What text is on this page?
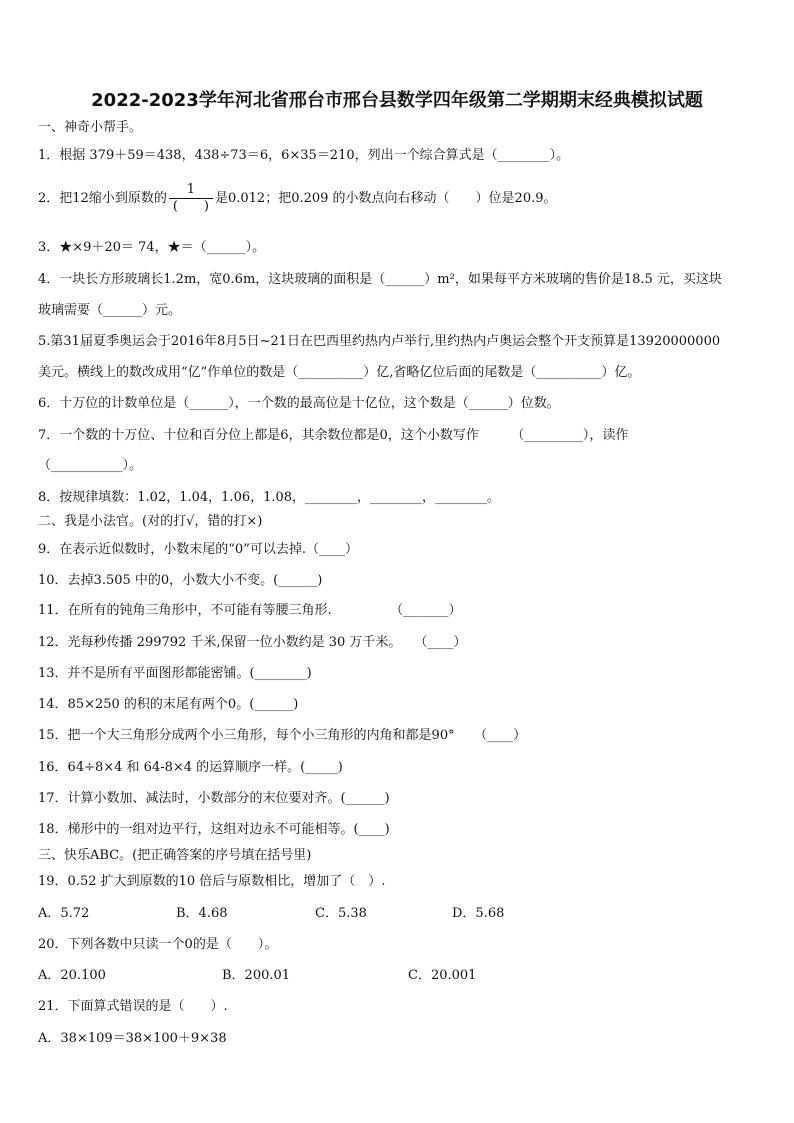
2022-2023学年河北省邢台市邢台县数学四年级第二学期期末经典模拟试题
一、神奇小帮手。
1．根据 379＋59＝438，438÷73＝6，6×35＝210，列出一个综合算式是（________）。
2．把12缩小到原数的 $\frac{1}{( )}$ 是0.012；把0.209 的小数点向右移动（　　）位是20.9。
3．★×9＋20＝ 74，★＝（______）。
4．一块长方形玻璃长1.2m，宽0.6m，这块玻璃的面积是（______）m²，如果每平方米玻璃的售价是18.5 元，买这块
玻璃需要（______）元。
5.第31届夏季奥运会于2016年8月5日~21日在巴西里约热内卢举行,里约热内卢奥运会整个开支预算是13920000000
美元。横线上的数改成用“亿”作单位的数是（__________）亿,省略亿位后面的尾数是（__________）亿。
6．十万位的计数单位是（______），一个数的最高位是十亿位，这个数是（______）位数。
7．一个数的十万位、十位和百分位上都是6，其余数位都是0，这个小数写作　　　（_________），读作
（___________）。
8．按规律填数：1.02，1.04，1.06，1.08，________，________，________。
二、我是小法官。(对的打√，错的打×)
9．在表示近似数时，小数末尾的“0”可以去掉.（____）
10．去掉3.505 中的0，小数大小不变。(______)
11．在所有的钝角三角形中，不可能有等腰三角形.　　　　　（_______）
12．光每秒传播 299792 千米,保留一位小数约是 30 万千米。　　（____）
13．并不是所有平面图形都能密铺。(________)
14．85×250 的积的末尾有两个0。(______)
15．把一个大三角形分成两个小三角形，每个小三角形的内角和都是90°　　（____）
16．64÷8×4 和 64-8×4 的运算顺序一样。(_____)
17．计算小数加、减法时，小数部分的末位要对齐。(______)
18．梯形中的一组对边平行，这组对边永不可能相等。(____)
三、快乐ABC。(把正确答案的序号填在括号里)
19．0.52 扩大到原数的10 倍后与原数相比，增加了（　）.
A．5.72	B．4.68	C．5.38	D．5.68
20．下列各数中只读一个0的是（　　）。
A．20.100	B．200.01	C．20.001
21．下面算式错误的是（　　）.
A．38×109＝38×100＋9×38
